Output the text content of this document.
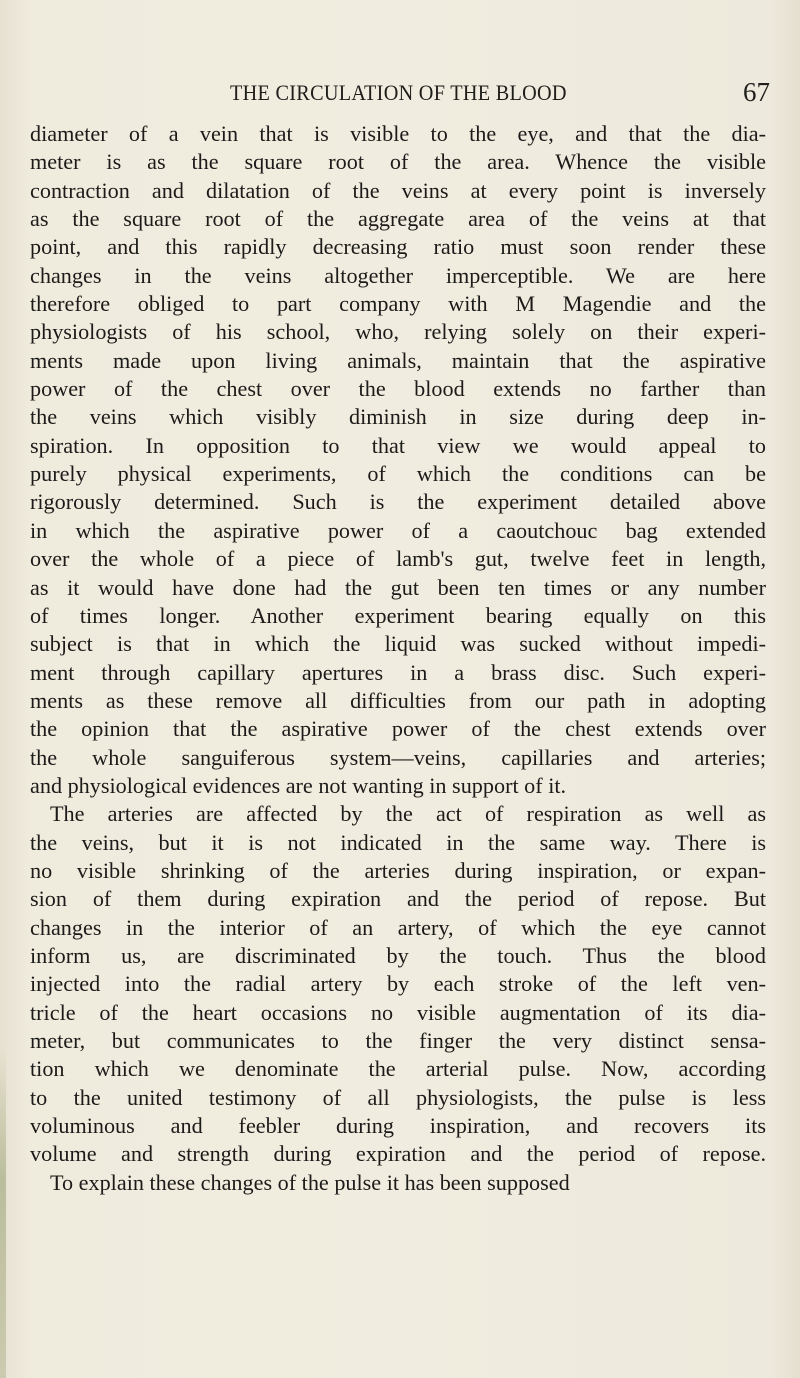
THE CIRCULATION OF THE BLOOD	67
diameter of a vein that is visible to the eye, and that the dia-
meter is as the square root of the area. Whence the visible
contraction and dilatation of the veins at every point is inversely
as the square root of the aggregate area of the veins at that
point, and this rapidly decreasing ratio must soon render these
changes in the veins altogether imperceptible. We are here
therefore obliged to part company with M Magendie and the
physiologists of his school, who, relying solely on their experi-
ments made upon living animals, maintain that the aspirative
power of the chest over the blood extends no farther than
the veins which visibly diminish in size during deep in-
spiration. In opposition to that view we would appeal to
purely physical experiments, of which the conditions can be
rigorously determined. Such is the experiment detailed above
in which the aspirative power of a caoutchouc bag extended
over the whole of a piece of lamb's gut, twelve feet in length,
as it would have done had the gut been ten times or any number
of times longer. Another experiment bearing equally on this
subject is that in which the liquid was sucked without impedi-
ment through capillary apertures in a brass disc. Such experi-
ments as these remove all difficulties from our path in adopting
the opinion that the aspirative power of the chest extends over
the whole sanguiferous system—veins, capillaries and arteries;
and physiological evidences are not wanting in support of it.
The arteries are affected by the act of respiration as well as
the veins, but it is not indicated in the same way. There is
no visible shrinking of the arteries during inspiration, or expan-
sion of them during expiration and the period of repose. But
changes in the interior of an artery, of which the eye cannot
inform us, are discriminated by the touch. Thus the blood
injected into the radial artery by each stroke of the left ven-
tricle of the heart occasions no visible augmentation of its dia-
meter, but communicates to the finger the very distinct sensa-
tion which we denominate the arterial pulse. Now, according
to the united testimony of all physiologists, the pulse is less
voluminous and feebler during inspiration, and recovers its
volume and strength during expiration and the period of repose.
To explain these changes of the pulse it has been supposed
